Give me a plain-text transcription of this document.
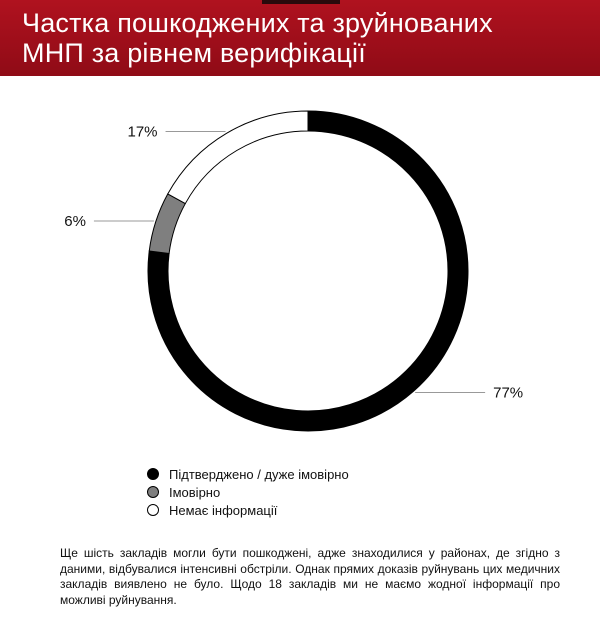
Частка пошкоджених та зруйнованих
МНП за рівнем верифікації
77%
6%
17%
Підтверджено / дуже імовірно
Імовірно
Немає інформації

Ще шість закладів могли бути пошкоджені, адже знаходилися у районах, де згідно з даними, відбувалися інтенсивні обстріли. Однак прямих доказів руйнувань цих медичних закладів виявлено не було. Щодо 18 закладів ми не маємо жодної інформації про можливі руйнування.
